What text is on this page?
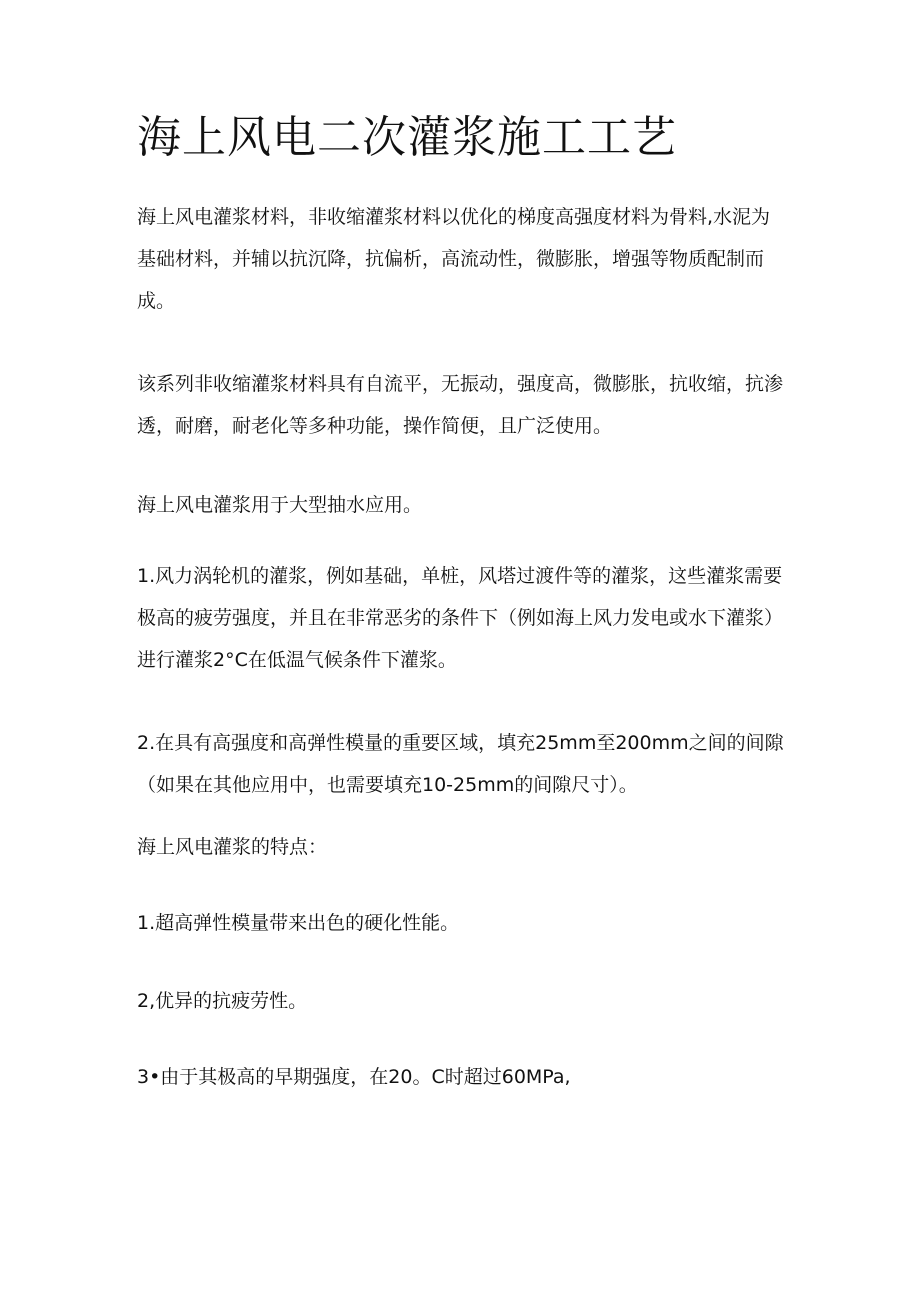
海上风电二次灌浆施工工艺

海上风电灌浆材料，非收缩灌浆材料以优化的梯度高强度材料为骨料,水泥为基础材料，并辅以抗沉降，抗偏析，高流动性，微膨胀，增强等物质配制而成。

该系列非收缩灌浆材料具有自流平，无振动，强度高，微膨胀，抗收缩，抗渗透，耐磨，耐老化等多种功能，操作简便，且广泛使用。

海上风电灌浆用于大型抽水应用。

1.风力涡轮机的灌浆，例如基础，单桩，风塔过渡件等的灌浆，这些灌浆需要极高的疲劳强度，并且在非常恶劣的条件下（例如海上风力发电或水下灌浆）进行灌浆2°C在低温气候条件下灌浆。

2.在具有高强度和高弹性模量的重要区域，填充25mm至200mm之间的间隙（如果在其他应用中，也需要填充10-25mm的间隙尺寸）。

海上风电灌浆的特点：

1.超高弹性模量带来出色的硬化性能。

2,优异的抗疲劳性。

3•由于其极高的早期强度，在20。C时超过60MPa,
